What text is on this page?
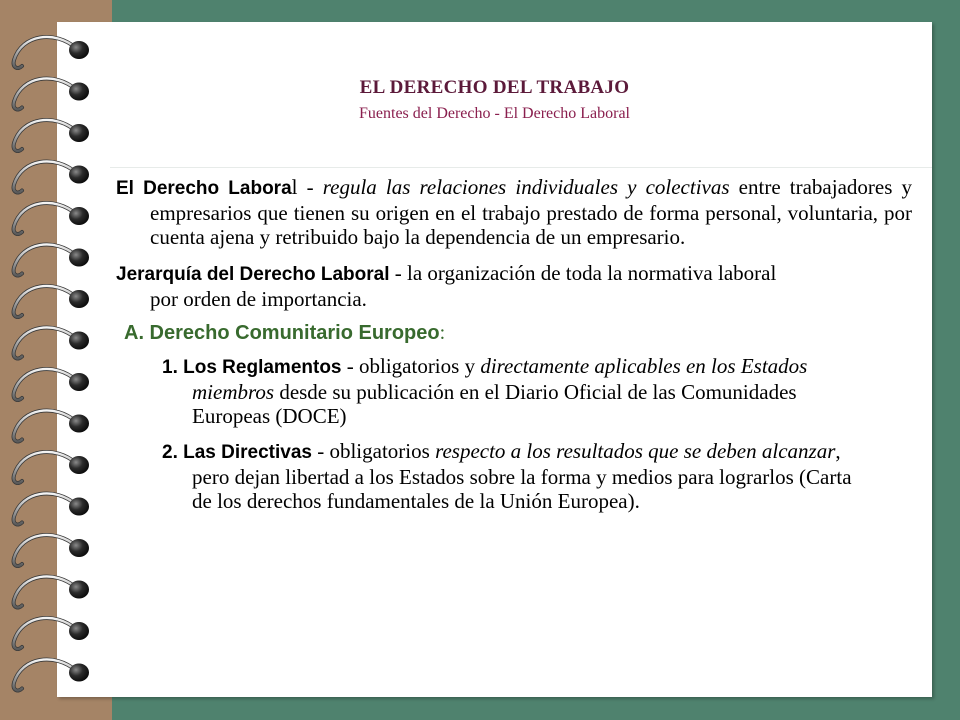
EL DERECHO DEL TRABAJO
Fuentes del Derecho - El Derecho Laboral

El Derecho Laboral - regula las relaciones individuales y colectivas entre trabajadores y empresarios que tienen su origen en el trabajo prestado de forma personal, voluntaria, por cuenta ajena y retribuido bajo la dependencia de un empresario.

Jerarquía del Derecho Laboral - la organización de toda la normativa laboral por orden de importancia.

A. Derecho Comunitario Europeo:

1. Los Reglamentos - obligatorios y directamente aplicables en los Estados miembros desde su publicación en el Diario Oficial de las Comunidades Europeas (DOCE)

2. Las Directivas - obligatorios respecto a los resultados que se deben alcanzar, pero dejan libertad a los Estados sobre la forma y medios para lograrlos (Carta de los derechos fundamentales de la Unión Europea).
